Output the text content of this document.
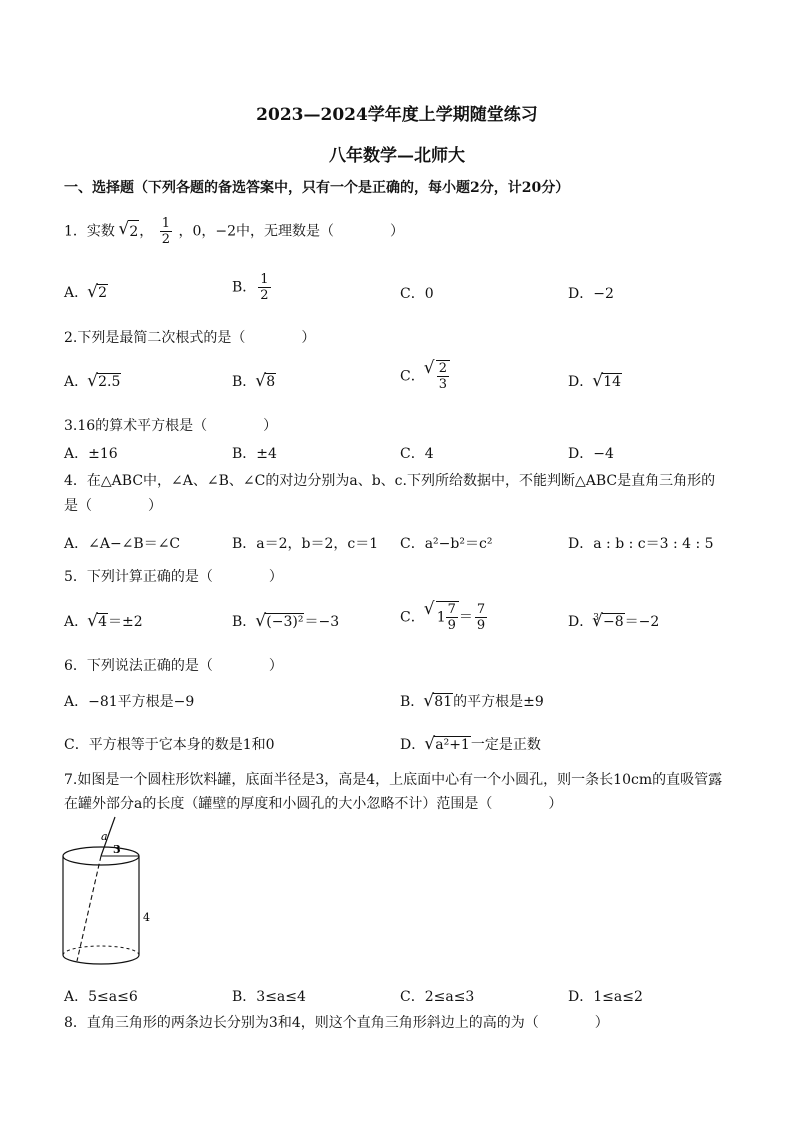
2023—2024学年度上学期随堂练习
八年数学—北师大
一、选择题（下列各题的备选答案中，只有一个是正确的，每小题2分，计20分）
1．实数 √ 2， $\frac{1}{2}$ ，0，−2中，无理数是（　　　　）
A． √ 2	B． $\frac{1}{2}$	C．0	D．−2
2.下列是最简二次根式的是（　　　　）
A． √ 2.5	B． √ 8	C． √ $\frac{2}{3}$	D． √ 14
3.16的算术平方根是（　　　　）
A．±16	B．±4	C．4	D．−4
4．在△ABC中，∠A、∠B、∠C的对边分别为a、b、c.下列所给数据中，不能判断△ABC是直角三角形的
是（　　　　）
A．∠A−∠B＝∠C	B．a＝2，b＝2，c＝1 C．a²−b²＝c²	D．a : b : c＝3 : 4 : 5
5．下列计算正确的是（　　　　）
A． √ 4＝±2	B． √ (−3)²＝−3	C． √ $1 \frac{7}{9} = \frac{7}{9}$	D．$^3$ √ −8＝−2
6．下列说法正确的是（　　　　）
A．−81平方根是−9	B． √ 81的平方根是±9
C．平方根等于它本身的数是1和0	D． √ a²+1一定是正数
7.如图是一个圆柱形饮料罐，底面半径是3，高是4，上底面中心有一个小圆孔，则一条长10cm的直吸管露
在罐外部分a的长度（罐壁的厚度和小圆孔的大小忽略不计）范围是（　　　　）
a
3
4
A．5≤a≤6	B．3≤a≤4	C．2≤a≤3	D．1≤a≤2
8．直角三角形的两条边长分别为3和4，则这个直角三角形斜边上的高的为（　　　　）
